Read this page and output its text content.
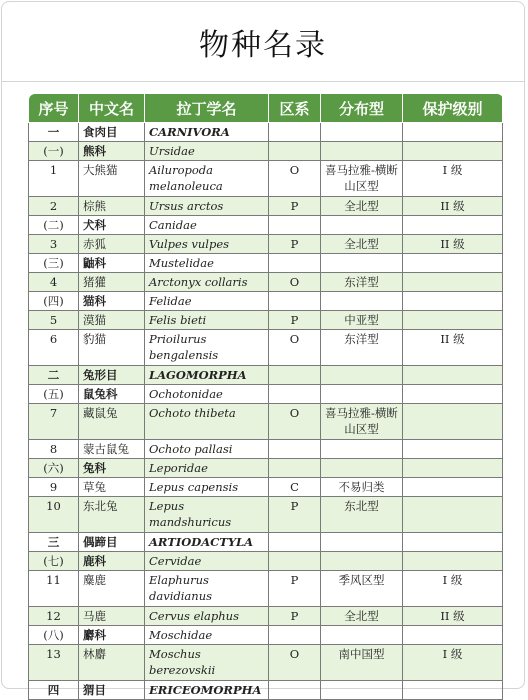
物种名录
序号	中文名	拉丁学名	区系	分布型	保护级别
一	食肉目	CARNIVORA			
(一)	熊科	Ursidae			
1	大熊猫	Ailuropoda melanoleuca	O	喜马拉雅-横断山区型	I 级
2	棕熊	Ursus arctos	P	全北型	II 级
(二)	犬科	Canidae			
3	赤狐	Vulpes vulpes	P	全北型	II 级
(三)	鼬科	Mustelidae			
4	猪獾	Arctonyx collaris	O	东洋型	
(四)	猫科	Felidae			
5	漠猫	Felis bieti	P	中亚型	
6	豹猫	Prioilurus bengalensis	O	东洋型	II 级
二	兔形目	LAGOMORPHA			
(五)	鼠兔科	Ochotonidae			
7	藏鼠兔	Ochoto thibeta	O	喜马拉雅-横断山区型	
8	蒙古鼠兔	Ochoto pallasi			
(六)	兔科	Leporidae			
9	草兔	Lepus capensis	C	不易归类	
10	东北兔	Lepus mandshuricus	P	东北型	
三	偶蹄目	ARTIODACTYLA			
(七)	鹿科	Cervidae			
11	麋鹿	Elaphurus davidianus	P	季风区型	I 级
12	马鹿	Cervus elaphus	P	全北型	II 级
(八)	麝科	Moschidae			
13	林麝	Moschus berezovskii	O	南中国型	I 级
四	猬目	ERICEOMORPHA			
